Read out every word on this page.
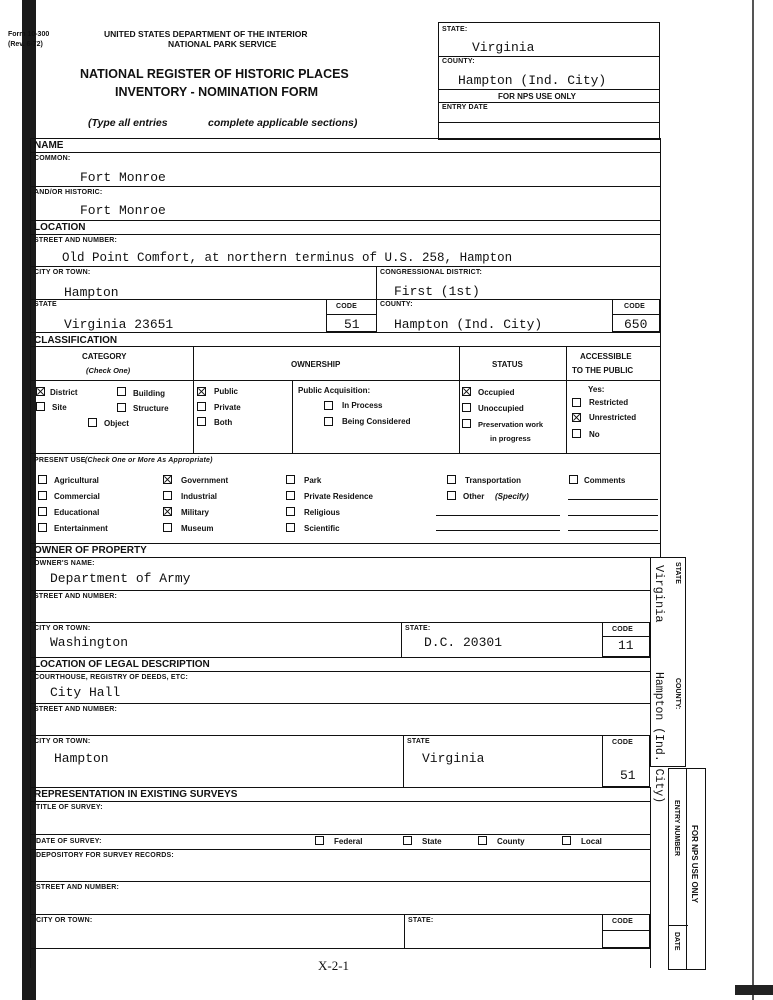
Form 10-300
(Rev. 6-72)
UNITED STATES DEPARTMENT OF THE INTERIOR
NATIONAL PARK SERVICE
NATIONAL REGISTER OF HISTORIC PLACES
INVENTORY - NOMINATION FORM
(Type all entries	complete applicable sections)
STATE:
Virginia
COUNTY:
Hampton (Ind. City)
FOR NPS USE ONLY
ENTRY DATE
NAME
COMMON:
Fort Monroe
AND/OR HISTORIC:
Fort Monroe
LOCATION
STREET AND NUMBER:
Old Point Comfort, at northern terminus of U.S. 258, Hampton
CITY OR TOWN:
Hampton
CONGRESSIONAL DISTRICT:
First (1st)
STATE
Virginia 23651
CODE
51
COUNTY:
Hampton (Ind. City)
CODE
650
CLASSIFICATION
CATEGORY
(Check One)
OWNERSHIP	STATUS
ACCESSIBLE
TO THE PUBLIC
District	Building
Site	Structure
Object
Public
Private
Both
Public Acquisition:
In Process
Being Considered
Occupied
Unoccupied
Preservation work
in progress
Yes:
Restricted
Unrestricted
No
PRESENT USE (Check One or More As Appropriate)
Agricultural
Commercial
Educational
Entertainment
Government
Industrial
Military
Museum
Park
Private Residence
Religious
Scientific
Transportation
Other (Specify)
Comments
OWNER OF PROPERTY
OWNER'S NAME:
Department of Army
STREET AND NUMBER:
CITY OR TOWN:
Washington
STATE:
D.C. 20301
CODE
11
STATE
Virginia
LOCATION OF LEGAL DESCRIPTION
COURTHOUSE, REGISTRY OF DEEDS, ETC:
City Hall
STREET AND NUMBER:
CITY OR TOWN:
Hampton
STATE
Virginia
CODE
51
COUNTY:
Hampton (Ind. City)
REPRESENTATION IN EXISTING SURVEYS
TITLE OF SURVEY:
DATE OF SURVEY:	Federal	State	County	Local
DEPOSITORY FOR SURVEY RECORDS:
STREET AND NUMBER:
CITY OR TOWN:	STATE:	CODE
FOR NPS USE ONLY
ENTRY NUMBER
DATE
X-2-1
